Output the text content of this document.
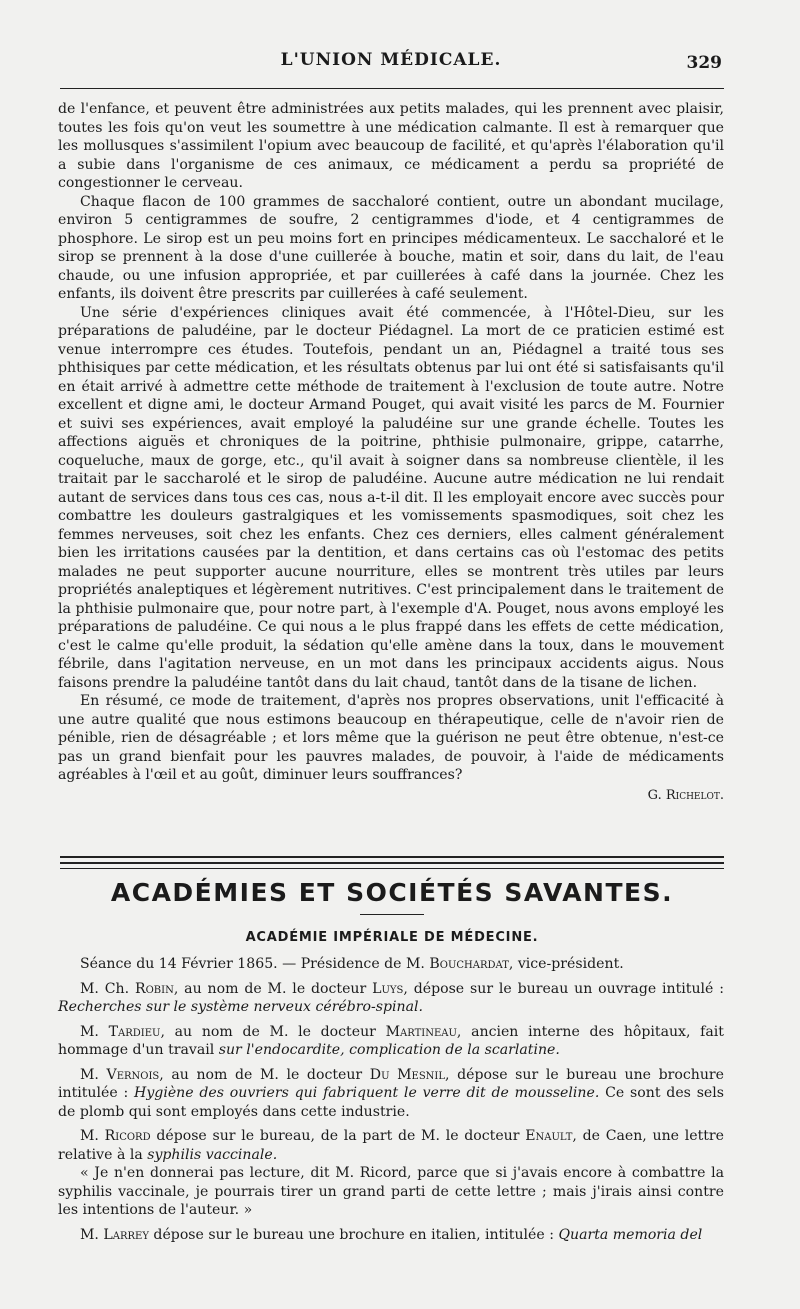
L'UNION MÉDICALE.	329

de l'enfance, et peuvent être administrées aux petits malades, qui les prennent avec plaisir, toutes les fois qu'on veut les soumettre à une médication calmante. Il est à remarquer que les mollusques s'assimilent l'opium avec beaucoup de facilité, et qu'après l'élaboration qu'il a subie dans l'organisme de ces animaux, ce médicament a perdu sa propriété de congestionner le cerveau.

Chaque flacon de 100 grammes de sacchaloré contient, outre un abondant mucilage, environ 5 centigrammes de soufre, 2 centigrammes d'iode, et 4 centigrammes de phosphore. Le sirop est un peu moins fort en principes médicamenteux. Le sacchaloré et le sirop se prennent à la dose d'une cuillerée à bouche, matin et soir, dans du lait, de l'eau chaude, ou une infusion appropriée, et par cuillerées à café dans la journée. Chez les enfants, ils doivent être prescrits par cuillerées à café seulement.

Une série d'expériences cliniques avait été commencée, à l'Hôtel-Dieu, sur les préparations de paludéine, par le docteur Piédagnel. La mort de ce praticien estimé est venue interrompre ces études. Toutefois, pendant un an, Piédagnel a traité tous ses phthisiques par cette médication, et les résultats obtenus par lui ont été si satisfaisants qu'il en était arrivé à admettre cette méthode de traitement à l'exclusion de toute autre. Notre excellent et digne ami, le docteur Armand Pouget, qui avait visité les parcs de M. Fournier et suivi ses expériences, avait employé la paludéine sur une grande échelle. Toutes les affections aiguës et chroniques de la poitrine, phthisie pulmonaire, grippe, catarrhe, coqueluche, maux de gorge, etc., qu'il avait à soigner dans sa nombreuse clientèle, il les traitait par le saccharolé et le sirop de paludéine. Aucune autre médication ne lui rendait autant de services dans tous ces cas, nous a-t-il dit. Il les employait encore avec succès pour combattre les douleurs gastralgiques et les vomissements spasmodiques, soit chez les femmes nerveuses, soit chez les enfants. Chez ces derniers, elles calment généralement bien les irritations causées par la dentition, et dans certains cas où l'estomac des petits malades ne peut supporter aucune nourriture, elles se montrent très utiles par leurs propriétés analeptiques et légèrement nutritives. C'est principalement dans le traitement de la phthisie pulmonaire que, pour notre part, à l'exemple d'A. Pouget, nous avons employé les préparations de paludéine. Ce qui nous a le plus frappé dans les effets de cette médication, c'est le calme qu'elle produit, la sédation qu'elle amène dans la toux, dans le mouvement fébrile, dans l'agitation nerveuse, en un mot dans les principaux accidents aigus. Nous faisons prendre la paludéine tantôt dans du lait chaud, tantôt dans de la tisane de lichen.

En résumé, ce mode de traitement, d'après nos propres observations, unit l'efficacité à une autre qualité que nous estimons beaucoup en thérapeutique, celle de n'avoir rien de pénible, rien de désagréable ; et lors même que la guérison ne peut être obtenue, n'est-ce pas un grand bienfait pour les pauvres malades, de pouvoir, à l'aide de médicaments agréables à l'œil et au goût, diminuer leurs souffrances?

G. Richelot.
ACADÉMIES ET SOCIÉTÉS SAVANTES.
ACADÉMIE IMPÉRIALE DE MÉDECINE.

Séance du 14 Février 1865. — Présidence de M. Bouchardat, vice-président.

M. Ch. Robin, au nom de M. le docteur Luys, dépose sur le bureau un ouvrage intitulé : Recherches sur le système nerveux cérébro-spinal.

M. Tardieu, au nom de M. le docteur Martineau, ancien interne des hôpitaux, fait hommage d'un travail sur l'endocardite, complication de la scarlatine.

M. Vernois, au nom de M. le docteur Du Mesnil, dépose sur le bureau une brochure intitulée : Hygiène des ouvriers qui fabriquent le verre dit de mousseline. Ce sont des sels de plomb qui sont employés dans cette industrie.

M. Ricord dépose sur le bureau, de la part de M. le docteur Enault, de Caen, une lettre relative à la syphilis vaccinale.

« Je n'en donnerai pas lecture, dit M. Ricord, parce que si j'avais encore à combattre la syphilis vaccinale, je pourrais tirer un grand parti de cette lettre ; mais j'irais ainsi contre les intentions de l'auteur. »

M. Larrey dépose sur le bureau une brochure en italien, intitulée : Quarta memoria del
